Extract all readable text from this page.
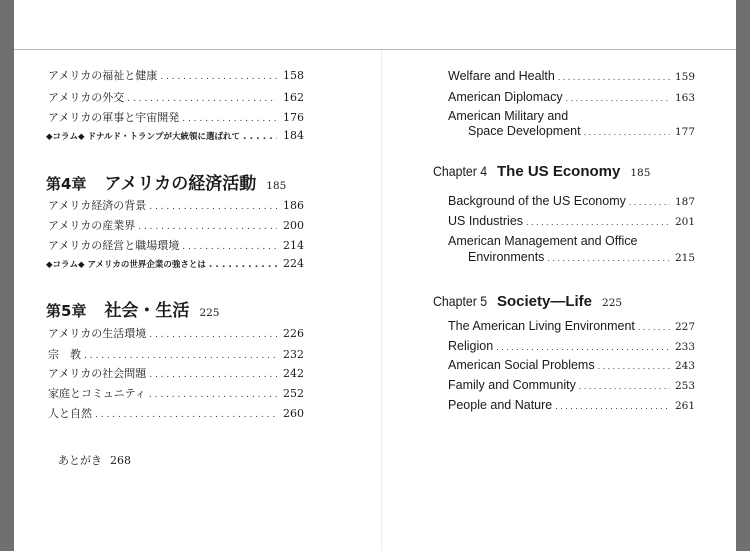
アメリカの福祉と健康 . . .	158
アメリカの外交 . . .	162
アメリカの軍事と宇宙開発 . . .	176
◆コラム◆ ドナルド・トランプが大統領に選ばれて . . .	184
第4章 アメリカの経済活動 185
アメリカ経済の背景 . . .	186
アメリカの産業界 . . .	200
アメリカの経営と職場環境 . . .	214
◆コラム◆ アメリカの世界企業の強さとは . . .	224
第5章 社会・生活 225
アメリカの生活環境 . . .	226
宗　教 . . .	232
アメリカの社会問題 . . .	242
家庭とコミュニティ . . .	252
人と自然 . . .	260
あとがき 268
Welfare and Health . . .	159
American Diplomacy . . .	163
American Military and
Space Development . . .	177
Chapter 4 The US Economy 185
Background of the US Economy . . .	187
US Industries . . .	201
American Management and Office
Environments . . .	215
Chapter 5 Society—Life 225
The American Living Environment . . .	227
Religion . . .	233
American Social Problems . . .	243
Family and Community . . .	253
People and Nature . . .	261
